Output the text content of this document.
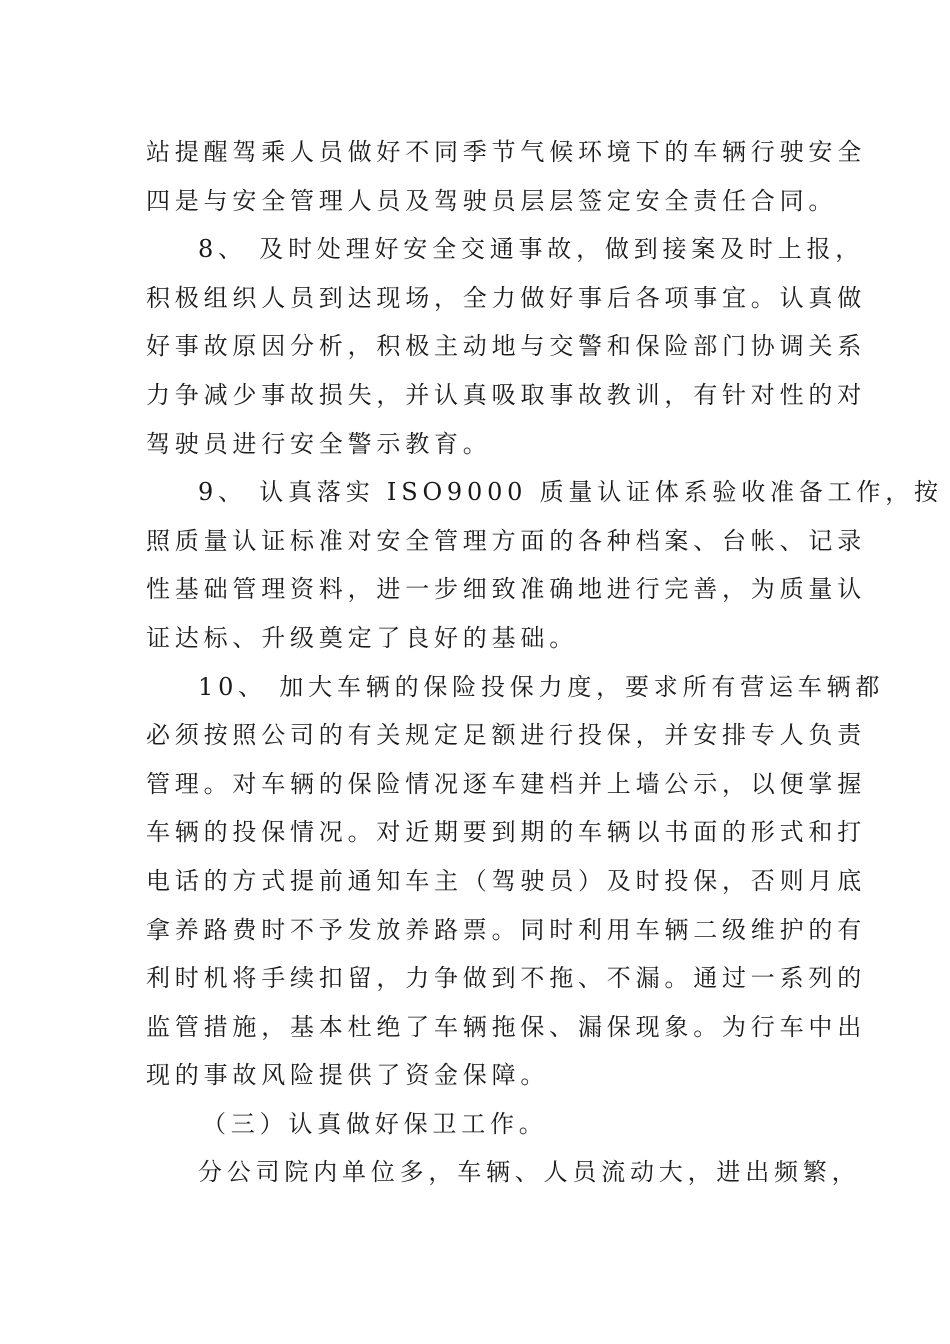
站提醒驾乘人员做好不同季节气候环境下的车辆行驶安全
四是与安全管理人员及驾驶员层层签定安全责任合同。
8、 及时处理好安全交通事故，做到接案及时上报，
积极组织人员到达现场，全力做好事后各项事宜。认真做
好事故原因分析，积极主动地与交警和保险部门协调关系
力争减少事故损失，并认真吸取事故教训，有针对性的对
驾驶员进行安全警示教育。
9、 认真落实 ISO9000 质量认证体系验收准备工作，按
照质量认证标准对安全管理方面的各种档案、台帐、记录
性基础管理资料，进一步细致准确地进行完善，为质量认
证达标、升级奠定了良好的基础。
10、 加大车辆的保险投保力度，要求所有营运车辆都
必须按照公司的有关规定足额进行投保，并安排专人负责
管理。对车辆的保险情况逐车建档并上墙公示，以便掌握
车辆的投保情况。对近期要到期的车辆以书面的形式和打
电话的方式提前通知车主（驾驶员）及时投保，否则月底
拿养路费时不予发放养路票。同时利用车辆二级维护的有
利时机将手续扣留，力争做到不拖、不漏。通过一系列的
监管措施，基本杜绝了车辆拖保、漏保现象。为行车中出
现的事故风险提供了资金保障。
（三）认真做好保卫工作。
分公司院内单位多，车辆、人员流动大，进出频繁，
